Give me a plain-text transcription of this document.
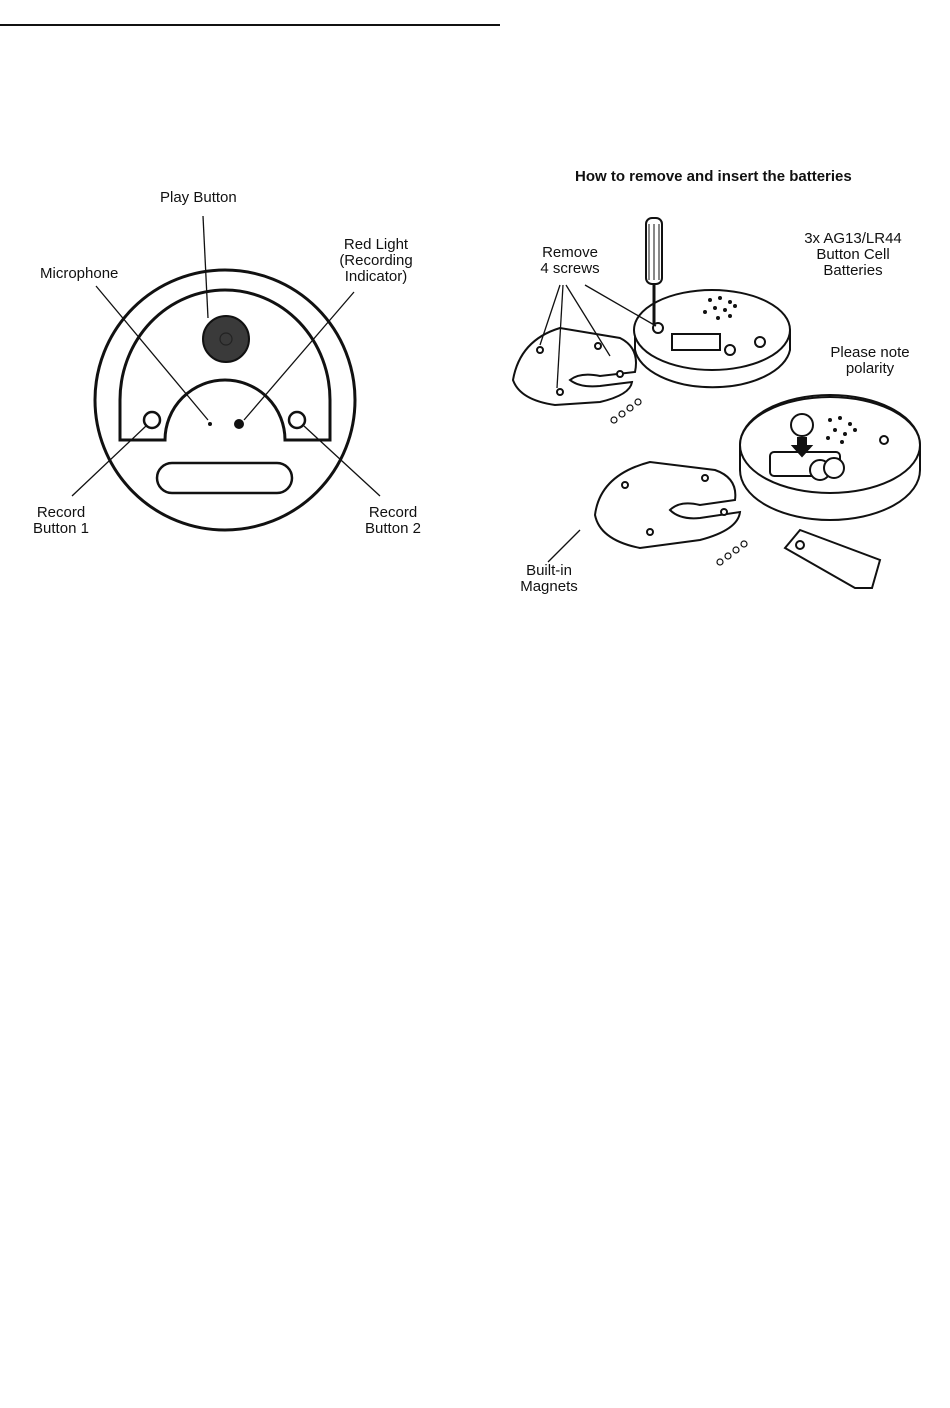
Play Button
Microphone
Red Light
(Recording
Indicator)
Record
Button 1
Record
Button 2
How to remove and insert the batteries
Remove
4 screws
3x AG13/LR44
Button Cell
Batteries
Please note
polarity
Built-in
Magnets
